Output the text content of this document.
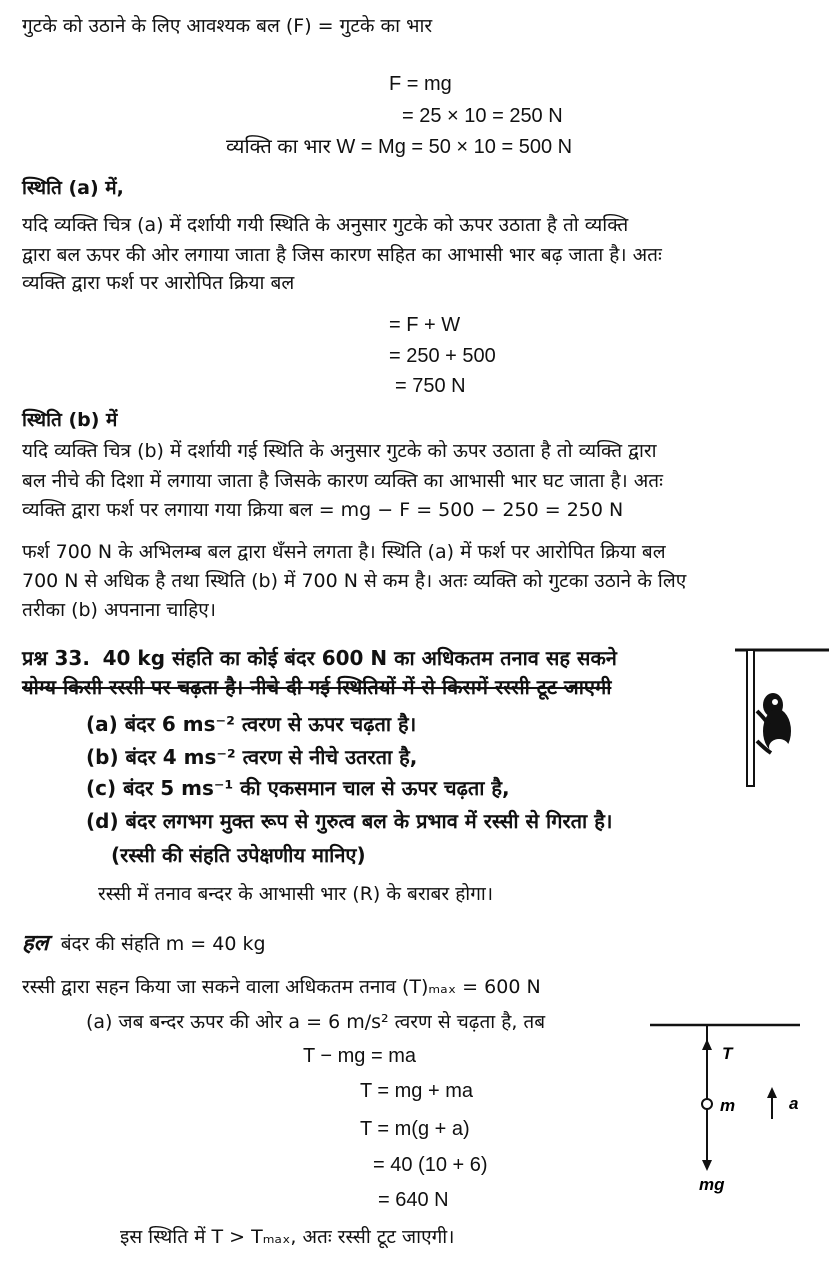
गुटके को उठाने के लिए आवश्यक बल (F) = गुटके का भार
F = mg
= 25 × 10 = 250 N
व्यक्ति का भार W = Mg = 50 × 10 = 500 N
स्थिति (a) में,
यदि व्यक्ति चित्र (a) में दर्शायी गयी स्थिति के अनुसार गुटके को ऊपर उठाता है तो व्यक्ति
द्वारा बल ऊपर की ओर लगाया जाता है जिस कारण सहित का आभासी भार बढ़ जाता है। अतः
व्यक्ति द्वारा फर्श पर आरोपित क्रिया बल
= F + W
= 250 + 500
= 750 N
स्थिति (b) में
यदि व्यक्ति चित्र (b) में दर्शायी गई स्थिति के अनुसार गुटके को ऊपर उठाता है तो व्यक्ति द्वारा
बल नीचे की दिशा में लगाया जाता है जिसके कारण व्यक्ति का आभासी भार घट जाता है। अतः
व्यक्ति द्वारा फर्श पर लगाया गया क्रिया बल = mg − F = 500 − 250 = 250 N
फर्श 700 N के अभिलम्ब बल द्वारा धँसने लगता है। स्थिति (a) में फर्श पर आरोपित क्रिया बल
700 N से अधिक है तथा स्थिति (b) में 700 N से कम है। अतः व्यक्ति को गुटका उठाने के लिए
तरीका (b) अपनाना चाहिए।
प्रश्न 33. 40 kg संहति का कोई बंदर 600 N का अधिकतम तनाव सह सकने
योग्य किसी रस्सी पर चढ़ता है। नीचे दी गई स्थितियों में से किसमें रस्सी टूट जाएगी
(a) बंदर 6 ms⁻² त्वरण से ऊपर चढ़ता है।
(b) बंदर 4 ms⁻² त्वरण से नीचे उतरता है,
(c) बंदर 5 ms⁻¹ की एकसमान चाल से ऊपर चढ़ता है,
(d) बंदर लगभग मुक्त रूप से गुरुत्व बल के प्रभाव में रस्सी से गिरता है।
(रस्सी की संहति उपेक्षणीय मानिए)
रस्सी में तनाव बन्दर के आभासी भार (R) के बराबर होगा।
हल बंदर की संहति m = 40 kg
रस्सी द्वारा सहन किया जा सकने वाला अधिकतम तनाव (T)ₘₐₓ = 600 N
(a) जब बन्दर ऊपर की ओर a = 6 m/s² त्वरण से चढ़ता है, तब
T − mg = ma
T = mg + ma
T = m(g + a)
= 40 (10 + 6)
= 640 N
इस स्थिति में T > Tₘₐₓ, अतः रस्सी टूट जाएगी।
T
m	a
mg
